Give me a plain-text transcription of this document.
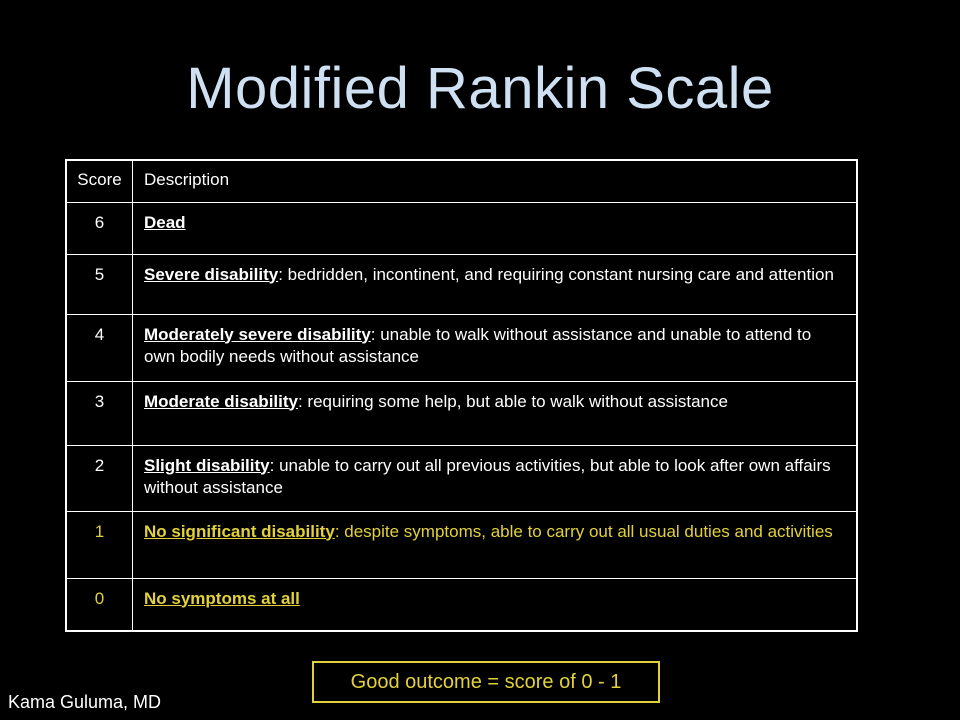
Modified Rankin Scale
Score	Description
6	Dead
5	Severe disability: bedridden, incontinent, and requiring constant nursing care and attention
4	Moderately severe disability: unable to walk without assistance and unable to attend to own bodily needs without assistance
3	Moderate disability: requiring some help, but able to walk without assistance
2	Slight disability: unable to carry out all previous activities, but able to look after own affairs without assistance
1	No significant disability: despite symptoms, able to carry out all usual duties and activities
0	No symptoms at all
Good outcome = score of 0 - 1
Kama Guluma, MD
